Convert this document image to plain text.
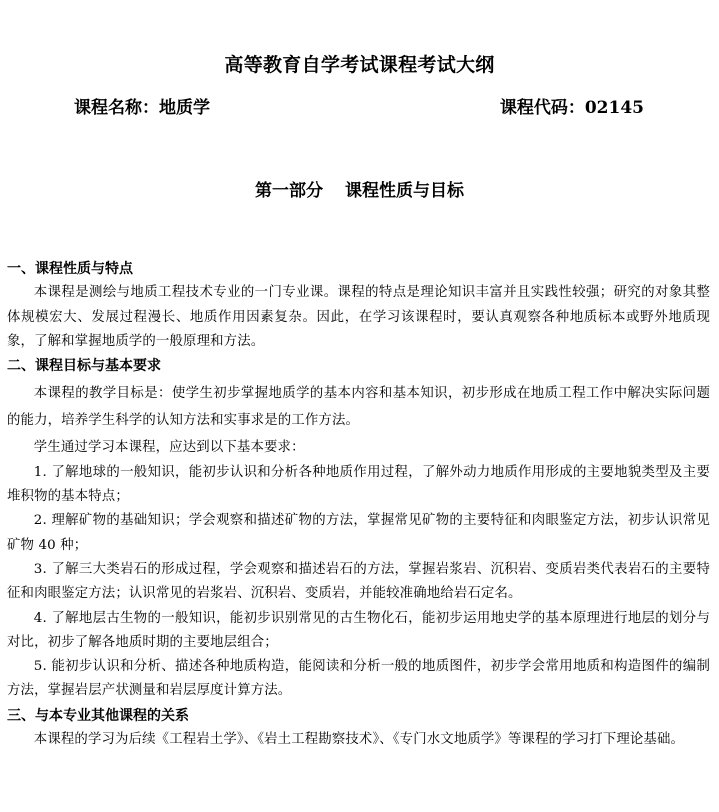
高等教育自学考试课程考试大纲
课程名称：地质学	课程代码：02145
第一部分 课程性质与目标
一、课程性质与特点

本课程是测绘与地质工程技术专业的一门专业课。课程的特点是理论知识丰富并且实践性较强；研究的对象其整体规模宏大、发展过程漫长、地质作用因素复杂。因此，在学习该课程时，要认真观察各种地质标本或野外地质现象，了解和掌握地质学的一般原理和方法。

二、课程目标与基本要求

本课程的教学目标是：使学生初步掌握地质学的基本内容和基本知识，初步形成在地质工程工作中解决实际问题的能力，培养学生科学的认知方法和实事求是的工作方法。

学生通过学习本课程，应达到以下基本要求：

1. 了解地球的一般知识，能初步认识和分析各种地质作用过程，了解外动力地质作用形成的主要地貌类型及主要堆积物的基本特点；

2. 理解矿物的基础知识；学会观察和描述矿物的方法，掌握常见矿物的主要特征和肉眼鉴定方法，初步认识常见矿物 40 种；

3. 了解三大类岩石的形成过程，学会观察和描述岩石的方法，掌握岩浆岩、沉积岩、变质岩类代表岩石的主要特征和肉眼鉴定方法；认识常见的岩浆岩、沉积岩、变质岩，并能较准确地给岩石定名。

4. 了解地层古生物的一般知识，能初步识别常见的古生物化石，能初步运用地史学的基本原理进行地层的划分与对比，初步了解各地质时期的主要地层组合；

5. 能初步认识和分析、描述各种地质构造，能阅读和分析一般的地质图件，初步学会常用地质和构造图件的编制方法，掌握岩层产状测量和岩层厚度计算方法。

三、与本专业其他课程的关系

本课程的学习为后续《工程岩土学》、《岩土工程勘察技术》、《专门水文地质学》等课程的学习打下理论基础。
